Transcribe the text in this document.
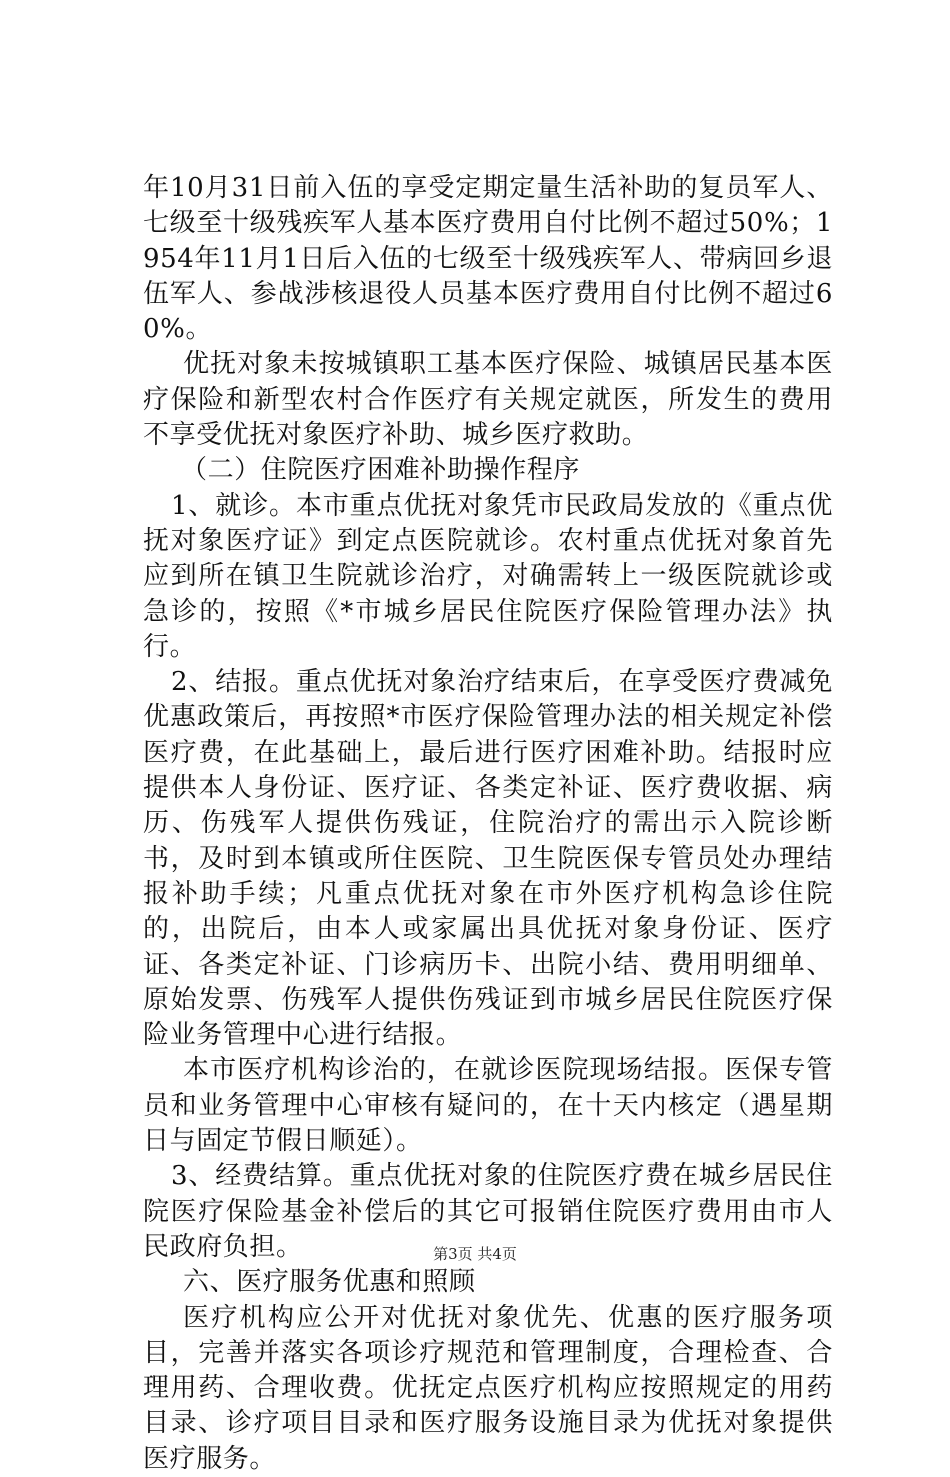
年10月31日前入伍的享受定期定量生活补助的复员军人、七级至十级残疾军人基本医疗费用自付比例不超过50%；1954年11月1日后入伍的七级至十级残疾军人、带病回乡退伍军人、参战涉核退役人员基本医疗费用自付比例不超过60%。

优抚对象未按城镇职工基本医疗保险、城镇居民基本医疗保险和新型农村合作医疗有关规定就医，所发生的费用不享受优抚对象医疗补助、城乡医疗救助。

（二）住院医疗困难补助操作程序

1、就诊。本市重点优抚对象凭市民政局发放的《重点优抚对象医疗证》到定点医院就诊。农村重点优抚对象首先应到所在镇卫生院就诊治疗，对确需转上一级医院就诊或急诊的，按照《*市城乡居民住院医疗保险管理办法》执行。

2、结报。重点优抚对象治疗结束后，在享受医疗费减免优惠政策后，再按照*市医疗保险管理办法的相关规定补偿医疗费，在此基础上，最后进行医疗困难补助。结报时应提供本人身份证、医疗证、各类定补证、医疗费收据、病历、伤残军人提供伤残证，住院治疗的需出示入院诊断书，及时到本镇或所住医院、卫生院医保专管员处办理结报补助手续；凡重点优抚对象在市外医疗机构急诊住院的，出院后，由本人或家属出具优抚对象身份证、医疗证、各类定补证、门诊病历卡、出院小结、费用明细单、原始发票、伤残军人提供伤残证到市城乡居民住院医疗保险业务管理中心进行结报。

本市医疗机构诊治的，在就诊医院现场结报。医保专管员和业务管理中心审核有疑问的，在十天内核定（遇星期日与固定节假日顺延）。

3、经费结算。重点优抚对象的住院医疗费在城乡居民住院医疗保险基金补偿后的其它可报销住院医疗费用由市人民政府负担。

六、医疗服务优惠和照顾

医疗机构应公开对优抚对象优先、优惠的医疗服务项目，完善并落实各项诊疗规范和管理制度，合理检查、合理用药、合理收费。优抚定点医疗机构应按照规定的用药目录、诊疗项目目录和医疗服务设施目录为优抚对象提供医疗服务。

第3页 共4页
